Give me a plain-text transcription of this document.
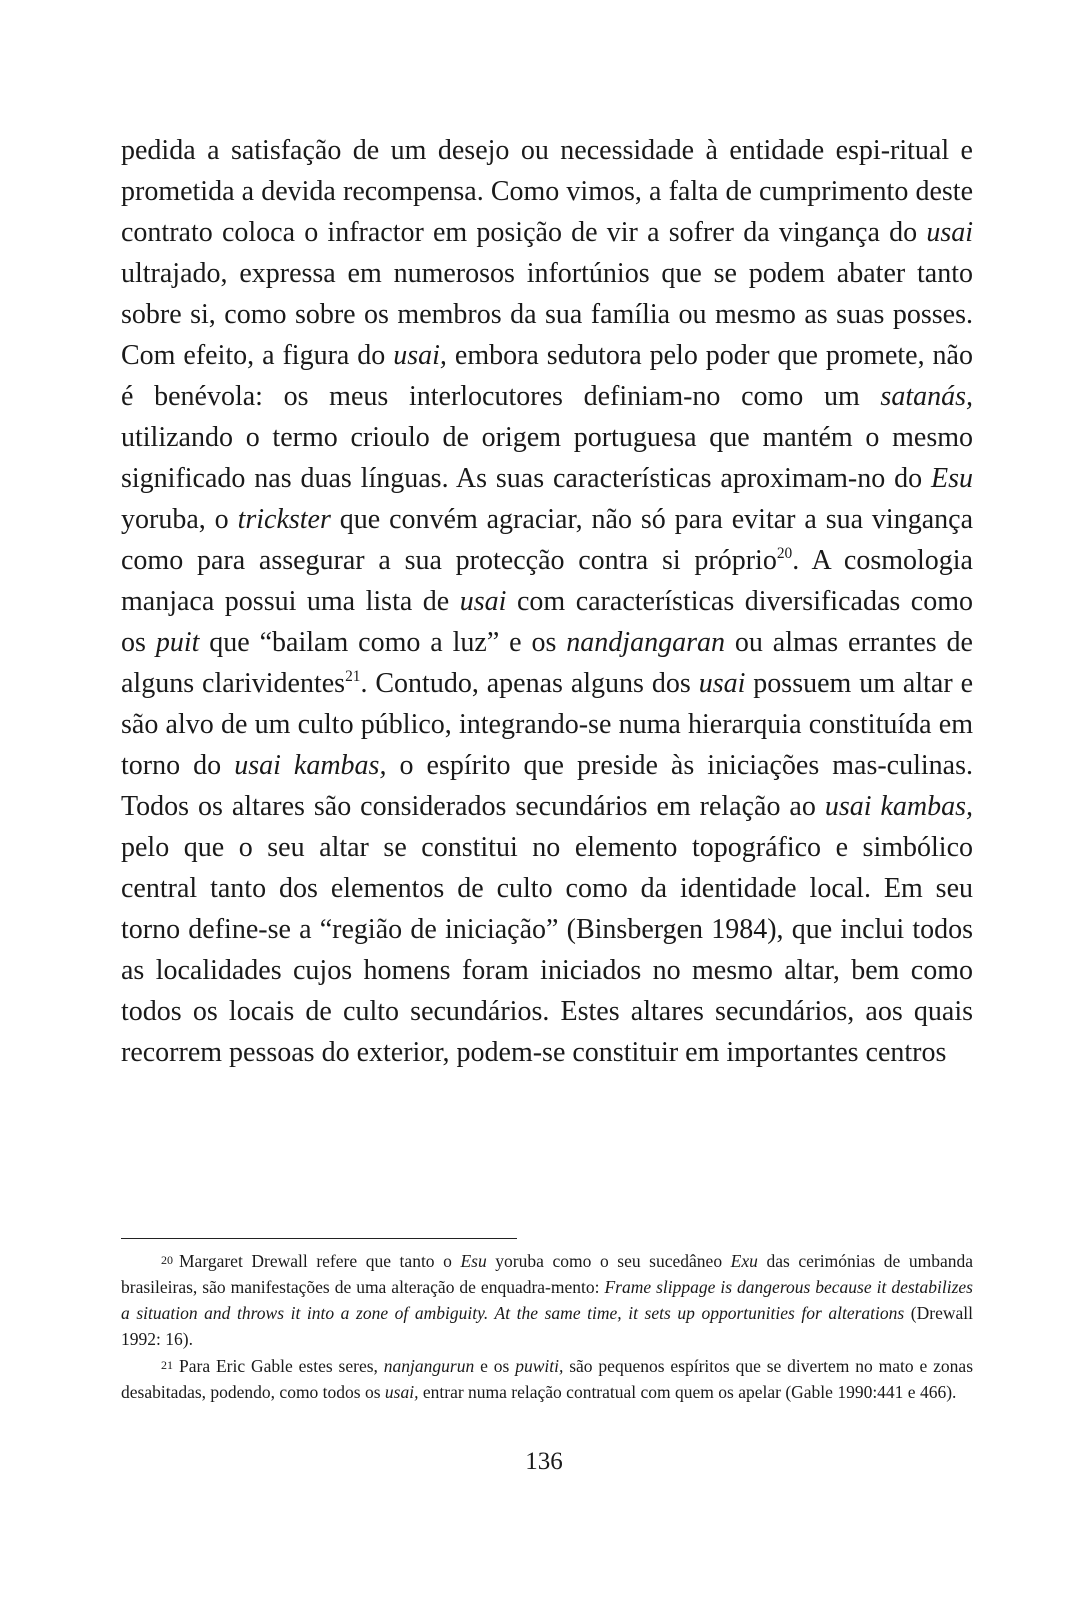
pedida a satisfação de um desejo ou necessidade à entidade espi-ritual e prometida a devida recompensa. Como vimos, a falta de cumprimento deste contrato coloca o infractor em posição de vir a sofrer da vingança do usai ultrajado, expressa em numerosos infortúnios que se podem abater tanto sobre si, como sobre os membros da sua família ou mesmo as suas posses. Com efeito, a figura do usai, embora sedutora pelo poder que promete, não é benévola: os meus interlocutores definiam-no como um satanás, utilizando o termo crioulo de origem portuguesa que mantém o mesmo significado nas duas línguas. As suas características aproximam-no do Esu yoruba, o trickster que convém agraciar, não só para evitar a sua vingança como para assegurar a sua protecção contra si próprio$^{20}$. A cosmologia manjaca possui uma lista de usai com características diversificadas como os puit que “bailam como a luz” e os nandjangaran ou almas errantes de alguns clarividentes$^{21}$. Contudo, apenas alguns dos usai possuem um altar e são alvo de um culto público, integrando-se numa hierarquia constituída em torno do usai kambas, o espírito que preside às iniciações mas-culinas. Todos os altares são considerados secundários em relação ao usai kambas, pelo que o seu altar se constitui no elemento topográfico e simbólico central tanto dos elementos de culto como da identidade local. Em seu torno define-se a “região de iniciação” (Binsbergen 1984), que inclui todos as localidades cujos homens foram iniciados no mesmo altar, bem como todos os locais de culto secundários. Estes altares secundários, aos quais recorrem pessoas do exterior, podem-se constituir em importantes centros

20 Margaret Drewall refere que tanto o Esu yoruba como o seu sucedâneo Exu das cerimónias de umbanda brasileiras, são manifestações de uma alteração de enquadra-mento: Frame slippage is dangerous because it destabilizes a situation and throws it into a zone of ambiguity. At the same time, it sets up opportunities for alterations (Drewall 1992: 16).

21 Para Eric Gable estes seres, nanjangurun e os puwiti, são pequenos espíritos que se divertem no mato e zonas desabitadas, podendo, como todos os usai, entrar numa relação contratual com quem os apelar (Gable 1990:441 e 466).

136
